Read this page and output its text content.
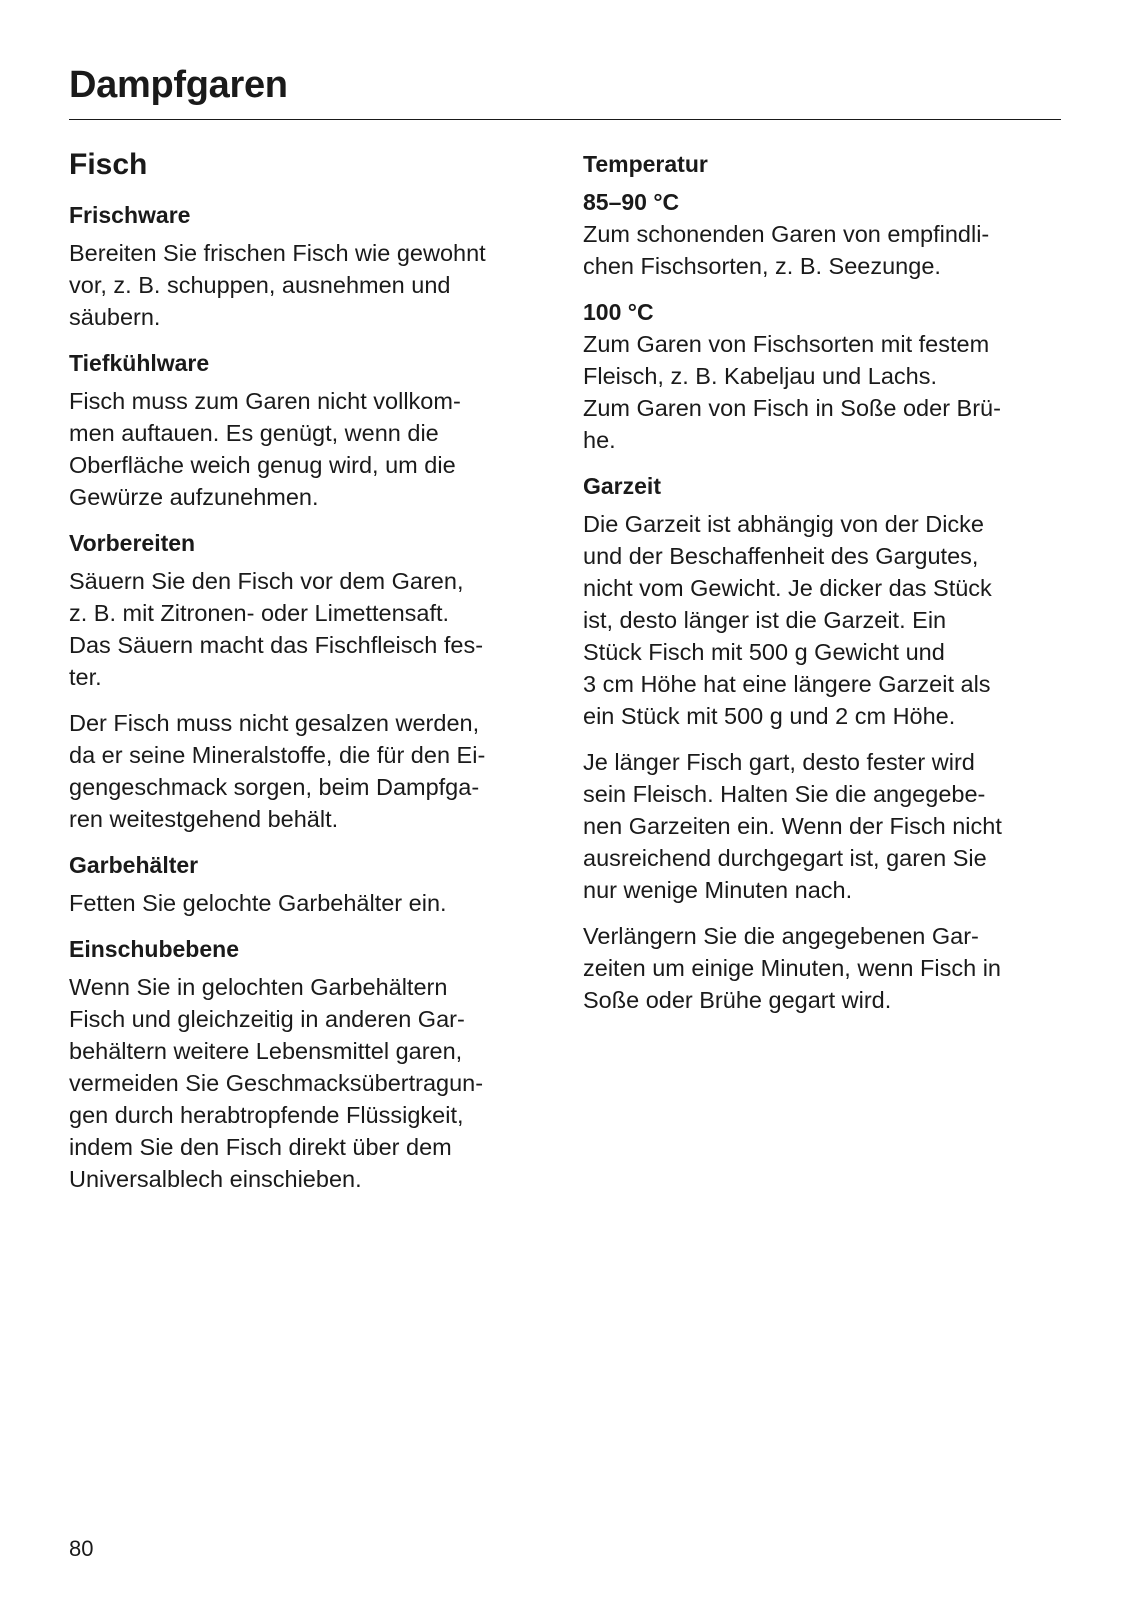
Dampfgaren
Fisch
Frischware
Bereiten Sie frischen Fisch wie gewohnt
vor, z. B. schuppen, ausnehmen und
säubern.
Tiefkühlware
Fisch muss zum Garen nicht vollkom-
men auftauen. Es genügt, wenn die
Oberfläche weich genug wird, um die
Gewürze aufzunehmen.
Vorbereiten
Säuern Sie den Fisch vor dem Garen,
z. B. mit Zitronen- oder Limettensaft.
Das Säuern macht das Fischfleisch fes-
ter.
Der Fisch muss nicht gesalzen werden,
da er seine Mineralstoffe, die für den Ei-
gengeschmack sorgen, beim Dampfga-
ren weitestgehend behält.
Garbehälter
Fetten Sie gelochte Garbehälter ein.
Einschubebene
Wenn Sie in gelochten Garbehältern
Fisch und gleichzeitig in anderen Gar-
behältern weitere Lebensmittel garen,
vermeiden Sie Geschmacksübertragun-
gen durch herabtropfende Flüssigkeit,
indem Sie den Fisch direkt über dem
Universalblech einschieben.
Temperatur
85–90 °C
Zum schonenden Garen von empfindli-
chen Fischsorten, z. B. Seezunge.
100 °C
Zum Garen von Fischsorten mit festem
Fleisch, z. B. Kabeljau und Lachs.
Zum Garen von Fisch in Soße oder Brü-
he.
Garzeit
Die Garzeit ist abhängig von der Dicke
und der Beschaffenheit des Gargutes,
nicht vom Gewicht. Je dicker das Stück
ist, desto länger ist die Garzeit. Ein
Stück Fisch mit 500 g Gewicht und
3 cm Höhe hat eine längere Garzeit als
ein Stück mit 500 g und 2 cm Höhe.
Je länger Fisch gart, desto fester wird
sein Fleisch. Halten Sie die angegebe-
nen Garzeiten ein. Wenn der Fisch nicht
ausreichend durchgegart ist, garen Sie
nur wenige Minuten nach.
Verlängern Sie die angegebenen Gar-
zeiten um einige Minuten, wenn Fisch in
Soße oder Brühe gegart wird.
80
